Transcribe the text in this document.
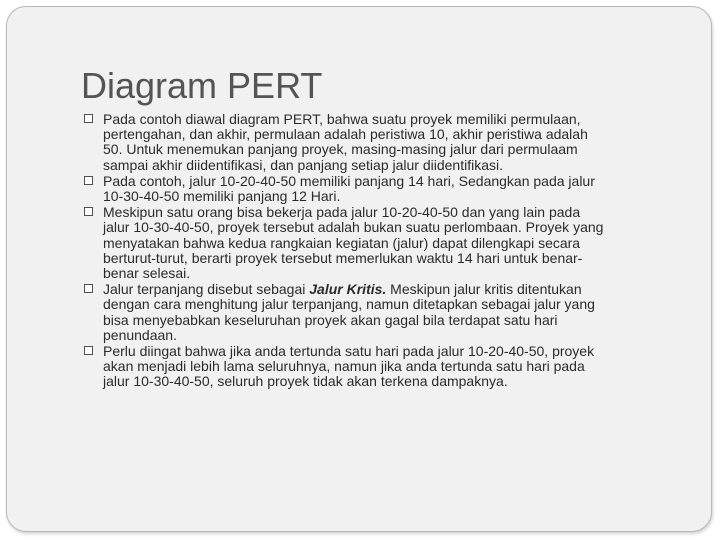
Diagram PERT
Pada contoh diawal diagram PERT, bahwa suatu proyek memiliki permulaan,
pertengahan, dan akhir, permulaan adalah peristiwa 10, akhir peristiwa adalah
50. Untuk menemukan panjang proyek, masing-masing jalur dari permulaam
sampai akhir diidentifikasi, dan panjang setiap jalur diidentifikasi.
Pada contoh, jalur 10-20-40-50 memiliki panjang 14 hari, Sedangkan pada jalur
10-30-40-50 memiliki panjang 12 Hari.
Meskipun satu orang bisa bekerja pada jalur 10-20-40-50 dan yang lain pada
jalur 10-30-40-50, proyek tersebut adalah bukan suatu perlombaan. Proyek yang
menyatakan bahwa kedua rangkaian kegiatan (jalur) dapat dilengkapi secara
berturut-turut, berarti proyek tersebut memerlukan waktu 14 hari untuk benar-
benar selesai.
Jalur terpanjang disebut sebagai Jalur Kritis. Meskipun jalur kritis ditentukan
dengan cara menghitung jalur terpanjang, namun ditetapkan sebagai jalur yang
bisa menyebabkan keseluruhan proyek akan gagal bila terdapat satu hari
penundaan.
Perlu diingat bahwa jika anda tertunda satu hari pada jalur 10-20-40-50, proyek
akan menjadi lebih lama seluruhnya, namun jika anda tertunda satu hari pada
jalur 10-30-40-50, seluruh proyek tidak akan terkena dampaknya.
